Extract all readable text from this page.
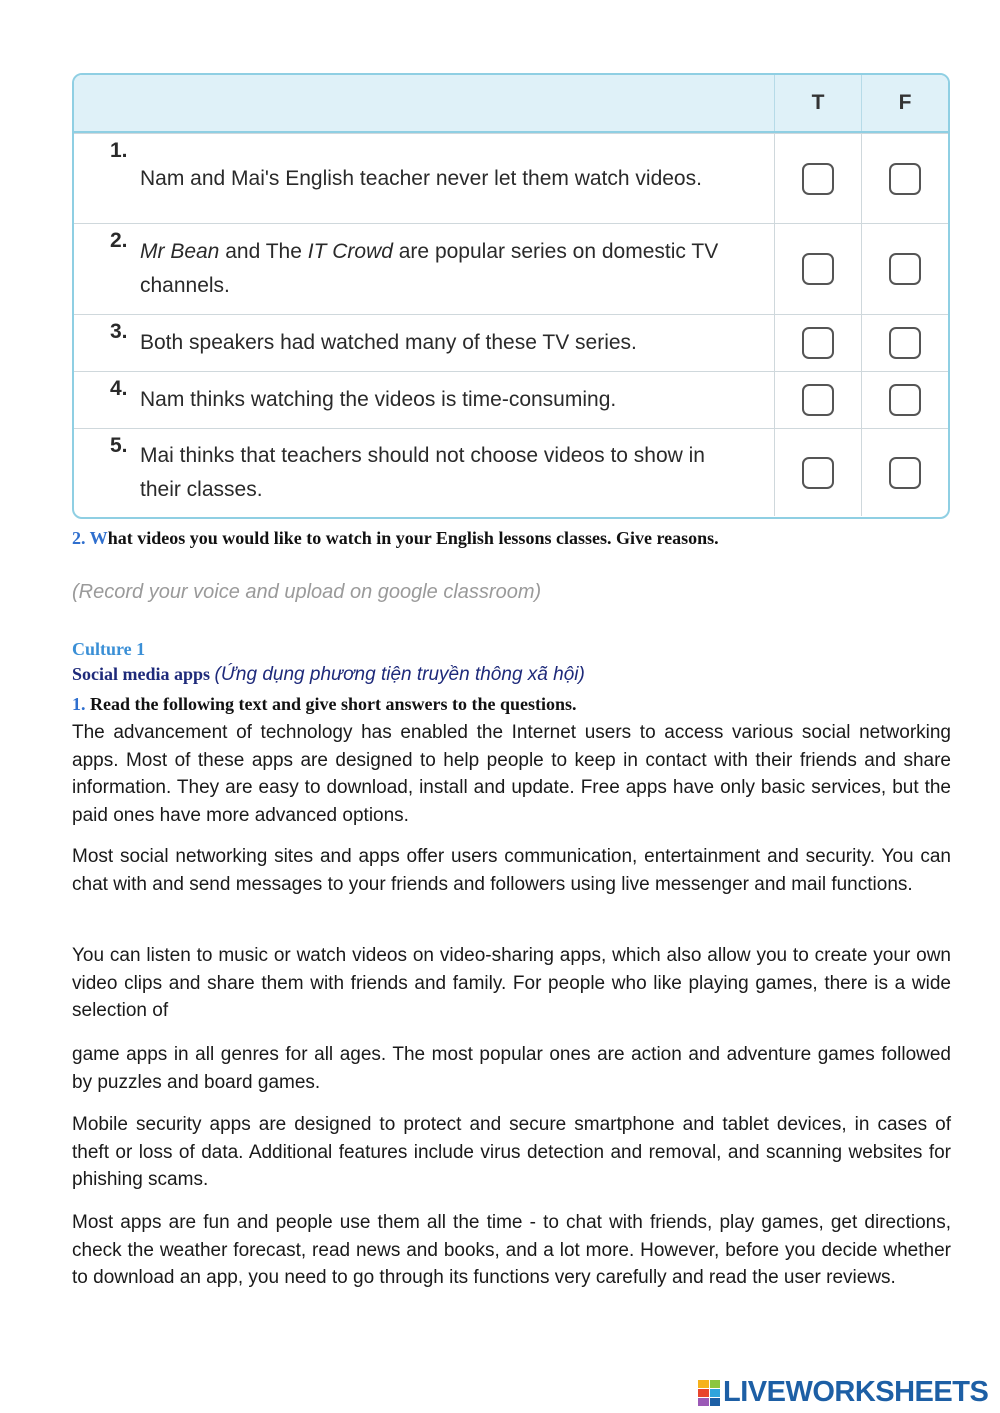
T	F
1.
Nam and Mai's English teacher never let them watch videos.
2. Mr Bean and The IT Crowd are popular series on domestic TV channels.
3. Both speakers had watched many of these TV series.
4. Nam thinks watching the videos is time-consuming.
5. Mai thinks that teachers should not choose videos to show in their classes.
2. What videos you would like to watch in your English lessons classes. Give reasons.
(Record your voice and upload on google classroom)
Culture 1
Social media apps (Ứng dụng phương tiện truyền thông xã hội)
1. Read the following text and give short answers to the questions.

The advancement of technology has enabled the Internet users to access various social networking apps. Most of these apps are designed to help people to keep in contact with their friends and share information. They are easy to download, install and update. Free apps have only basic services, but the paid ones have more advanced options.

Most social networking sites and apps offer users communication, entertainment and security. You can chat with and send messages to your friends and followers using live messenger and mail functions.

You can listen to music or watch videos on video-sharing apps, which also allow you to create your own video clips and share them with friends and family. For people who like playing games, there is a wide selection of

game apps in all genres for all ages. The most popular ones are action and adventure games followed by puzzles and board games.

Mobile security apps are designed to protect and secure smartphone and tablet devices, in cases of theft or loss of data. Additional features include virus detection and removal, and scanning websites for phishing scams.

Most apps are fun and people use them all the time - to chat with friends, play games, get directions, check the weather forecast, read news and books, and a lot more. However, before you decide whether to download an app, you need to go through its functions very carefully and read the user reviews.

LIVEWORKSHEETS
